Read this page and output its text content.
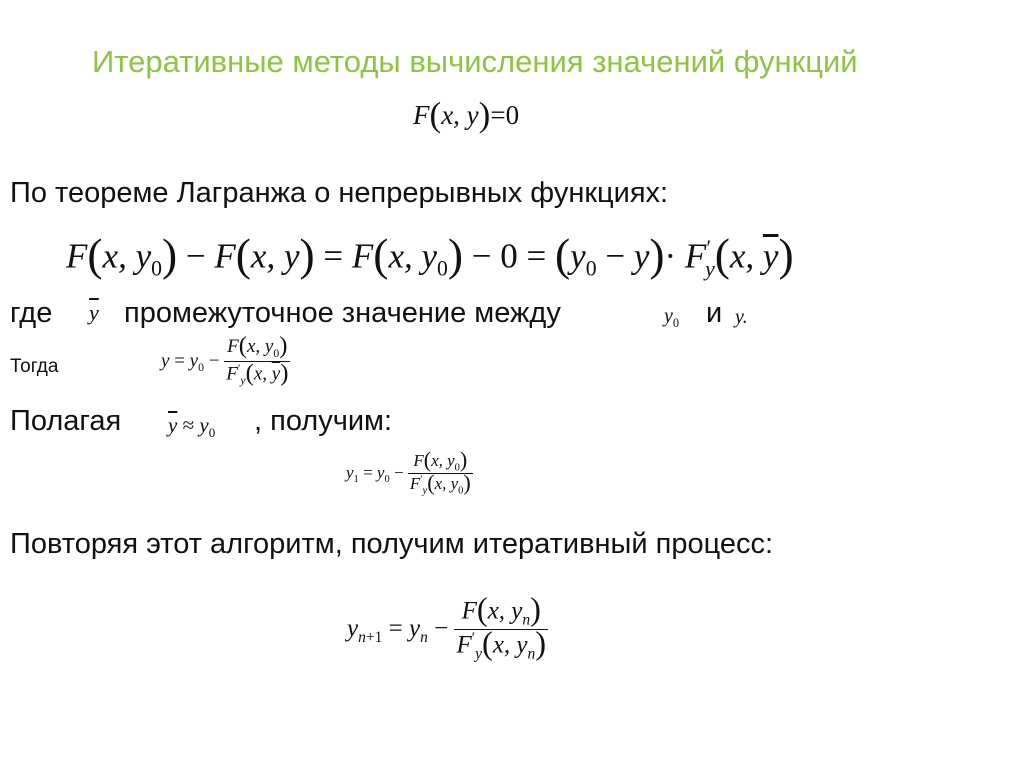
Итеративные методы вычисления значений функций
F(x, y)=0
По теореме Лагранжа о непрерывных функциях:
F(x, $y_0) - F(x$, y) = F(x, $y_0) - 0 = (y_0 - y)\cdot F'_y(x$, $\overline{y}$)
где $\overline{y}$ промежуточное значение между	$y_0$ и y.
Тогда	$y = y_0 - \frac{F(x, y_0)}{F'_y(x, \overline{y})}$
Полагая $\overline{y} \approx y_0$ , получим:
$y_1 = y_0 - \frac{F(x, y_0)}{F'_y(x, y_0)}$
Повторяя этот алгоритм, получим итеративный процесс:
$y_{n+1} = y_n - \frac{F(x, y_n)}{F'_y(x, y_n)}$
